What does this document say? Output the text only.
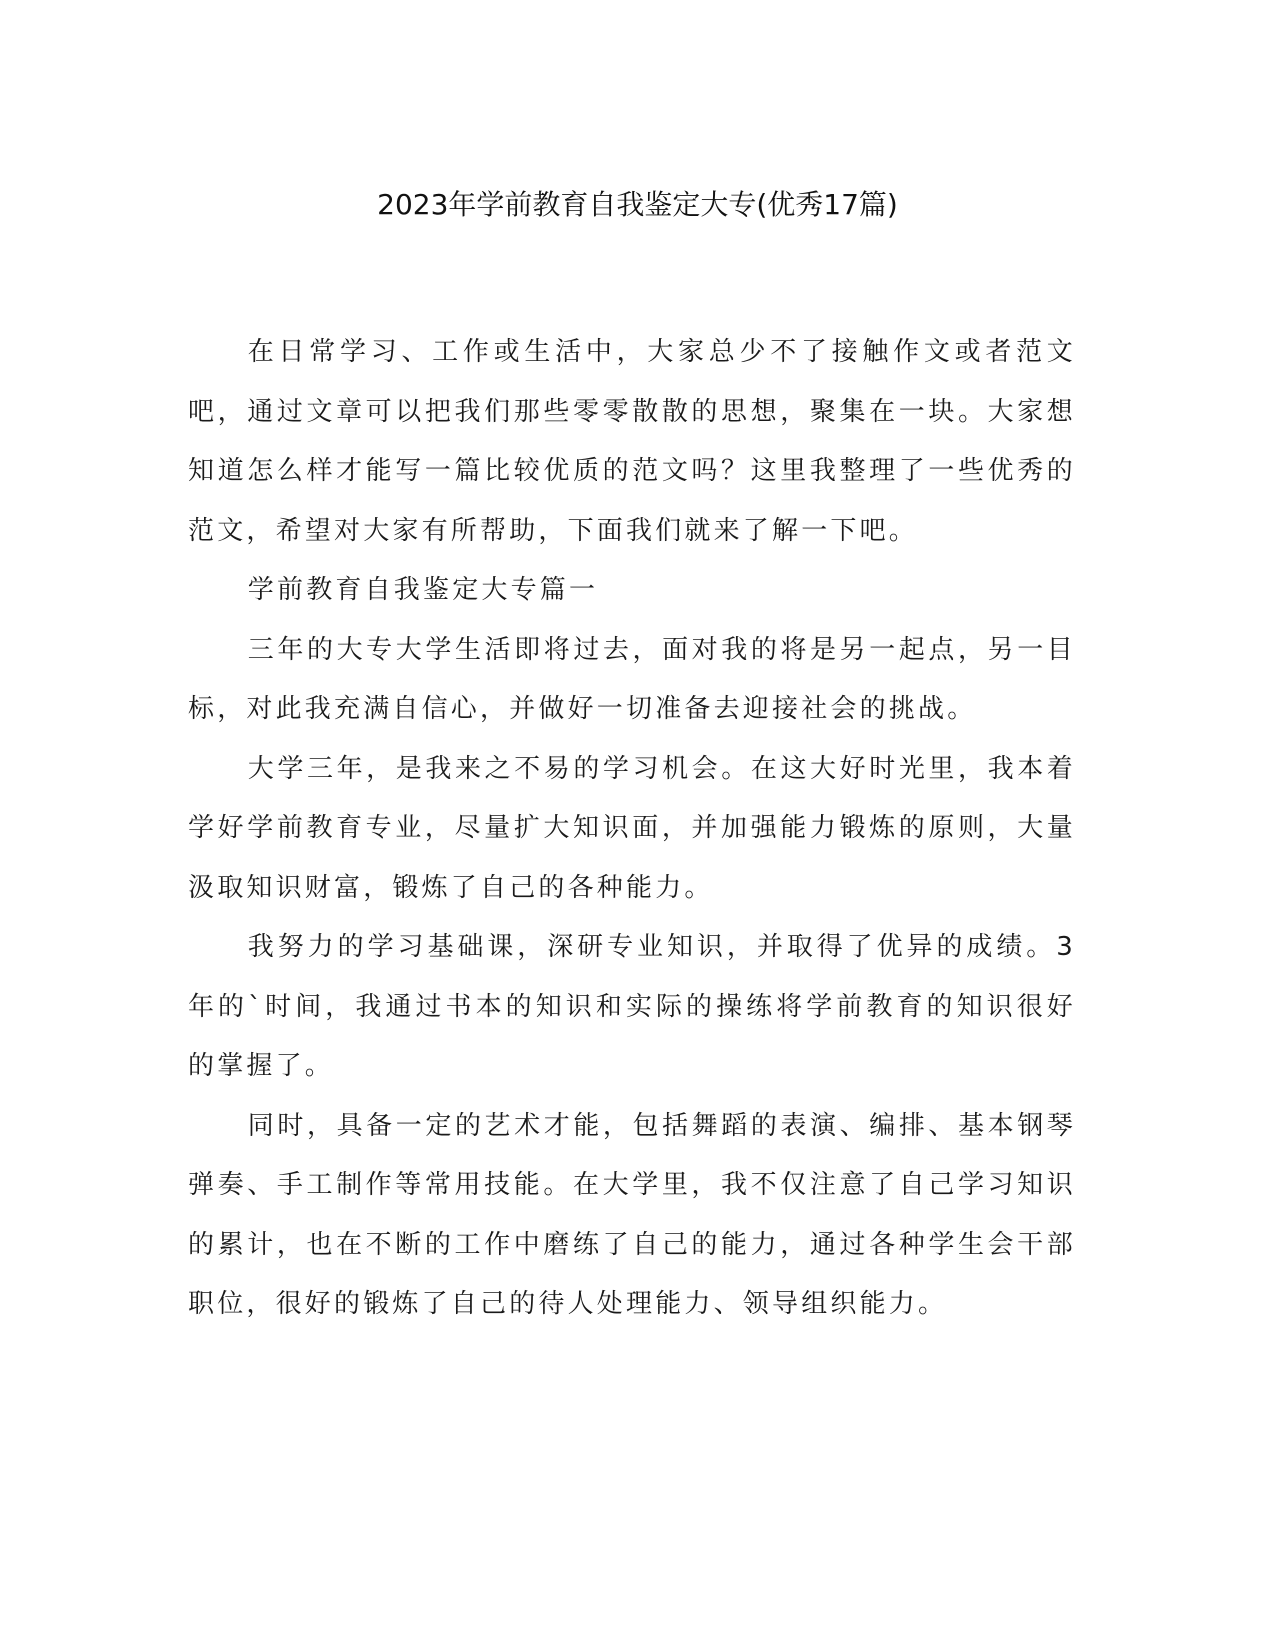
2023年学前教育自我鉴定大专(优秀17篇)

在日常学习、工作或生活中，大家总少不了接触作文或者范文吧，通过文章可以把我们那些零零散散的思想，聚集在一块。大家想知道怎么样才能写一篇比较优质的范文吗？这里我整理了一些优秀的范文，希望对大家有所帮助，下面我们就来了解一下吧。

学前教育自我鉴定大专篇一

三年的大专大学生活即将过去，面对我的将是另一起点，另一目标，对此我充满自信心，并做好一切准备去迎接社会的挑战。

大学三年，是我来之不易的学习机会。在这大好时光里，我本着学好学前教育专业，尽量扩大知识面，并加强能力锻炼的原则，大量汲取知识财富，锻炼了自己的各种能力。

我努力的学习基础课，深研专业知识，并取得了优异的成绩。3年的`时间，我通过书本的知识和实际的操练将学前教育的知识很好的掌握了。

同时，具备一定的艺术才能，包括舞蹈的表演、编排、基本钢琴弹奏、手工制作等常用技能。在大学里，我不仅注意了自己学习知识的累计，也在不断的工作中磨练了自己的能力，通过各种学生会干部职位，很好的锻炼了自己的待人处理能力、领导组织能力。
